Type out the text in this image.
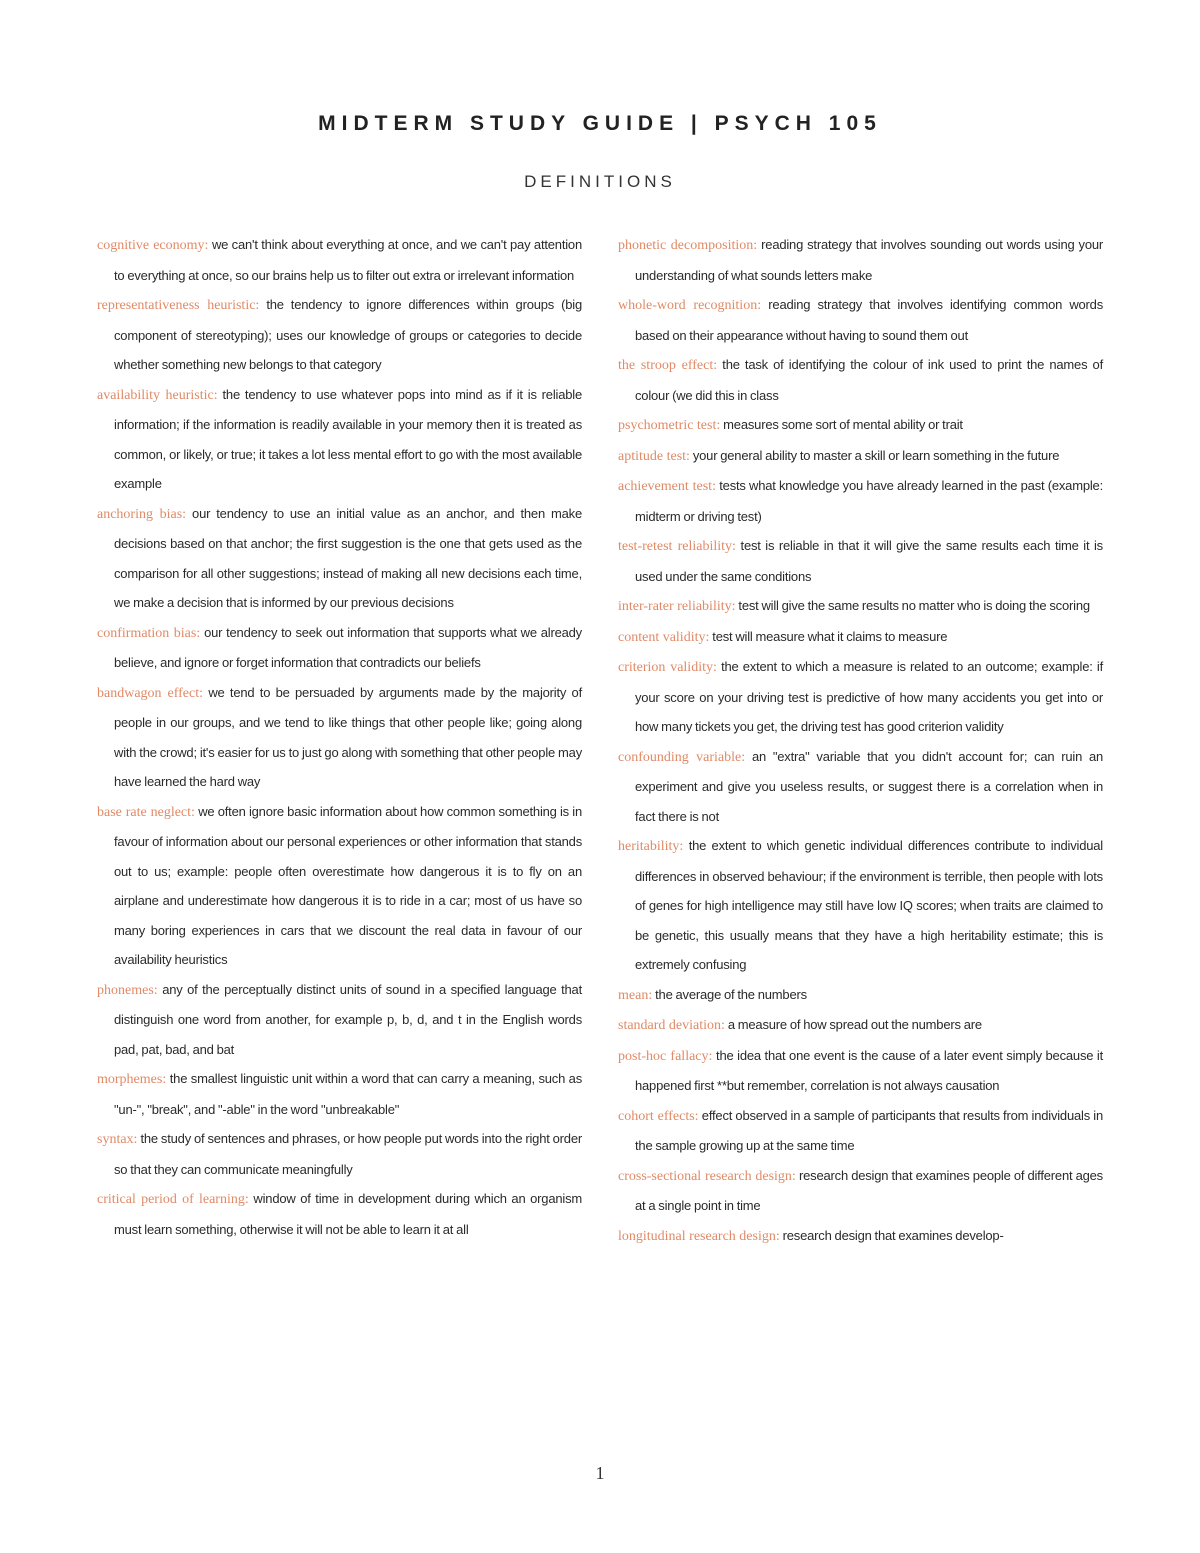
MIDTERM STUDY GUIDE | PSYCH 105
DEFINITIONS
cognitive economy: we can't think about everything at once, and we can't pay attention to everything at once, so our brains help us to filter out extra or irrelevant information
representativeness heuristic: the tendency to ignore differences within groups (big component of stereotyping); uses our knowledge of groups or categories to decide whether something new belongs to that category
availability heuristic: the tendency to use whatever pops into mind as if it is reliable information; if the information is readily available in your memory then it is treated as common, or likely, or true; it takes a lot less mental effort to go with the most available example
anchoring bias: our tendency to use an initial value as an anchor, and then make decisions based on that anchor; the first suggestion is the one that gets used as the comparison for all other suggestions; instead of making all new decisions each time, we make a decision that is informed by our previous decisions
confirmation bias: our tendency to seek out information that supports what we already believe, and ignore or forget information that contradicts our beliefs
bandwagon effect: we tend to be persuaded by arguments made by the majority of people in our groups, and we tend to like things that other people like; going along with the crowd; it's easier for us to just go along with something that other people may have learned the hard way
base rate neglect: we often ignore basic information about how common something is in favour of information about our personal experiences or other information that stands out to us; example: people often overestimate how dangerous it is to fly on an airplane and underestimate how dangerous it is to ride in a car; most of us have so many boring experiences in cars that we discount the real data in favour of our availability heuristics
phonemes: any of the perceptually distinct units of sound in a specified language that distinguish one word from another, for example p, b, d, and t in the English words pad, pat, bad, and bat
morphemes: the smallest linguistic unit within a word that can carry a meaning, such as "un-", "break", and "-able" in the word "unbreakable"
syntax: the study of sentences and phrases, or how people put words into the right order so that they can communicate meaningfully
critical period of learning: window of time in development during which an organism must learn something, otherwise it will not be able to learn it at all
phonetic decomposition: reading strategy that involves sounding out words using your understanding of what sounds letters make
whole-word recognition: reading strategy that involves identifying common words based on their appearance without having to sound them out
the stroop effect: the task of identifying the colour of ink used to print the names of colour (we did this in class
psychometric test: measures some sort of mental ability or trait
aptitude test: your general ability to master a skill or learn something in the future
achievement test: tests what knowledge you have already learned in the past (example: midterm or driving test)
test-retest reliability: test is reliable in that it will give the same results each time it is used under the same conditions
inter-rater reliability: test will give the same results no matter who is doing the scoring
content validity: test will measure what it claims to measure
criterion validity: the extent to which a measure is related to an outcome; example: if your score on your driving test is predictive of how many accidents you get into or how many tickets you get, the driving test has good criterion validity
confounding variable: an "extra" variable that you didn't account for; can ruin an experiment and give you useless results, or suggest there is a correlation when in fact there is not
heritability: the extent to which genetic individual differences contribute to individual differences in observed behaviour; if the environment is terrible, then people with lots of genes for high intelligence may still have low IQ scores; when traits are claimed to be genetic, this usually means that they have a high heritability estimate; this is extremely confusing
mean: the average of the numbers
standard deviation: a measure of how spread out the numbers are
post-hoc fallacy: the idea that one event is the cause of a later event simply because it happened first **but remember, correlation is not always causation
cohort effects: effect observed in a sample of participants that results from individuals in the sample growing up at the same time
cross-sectional research design: research design that examines people of different ages at a single point in time
longitudinal research design: research design that examines develop-
1
